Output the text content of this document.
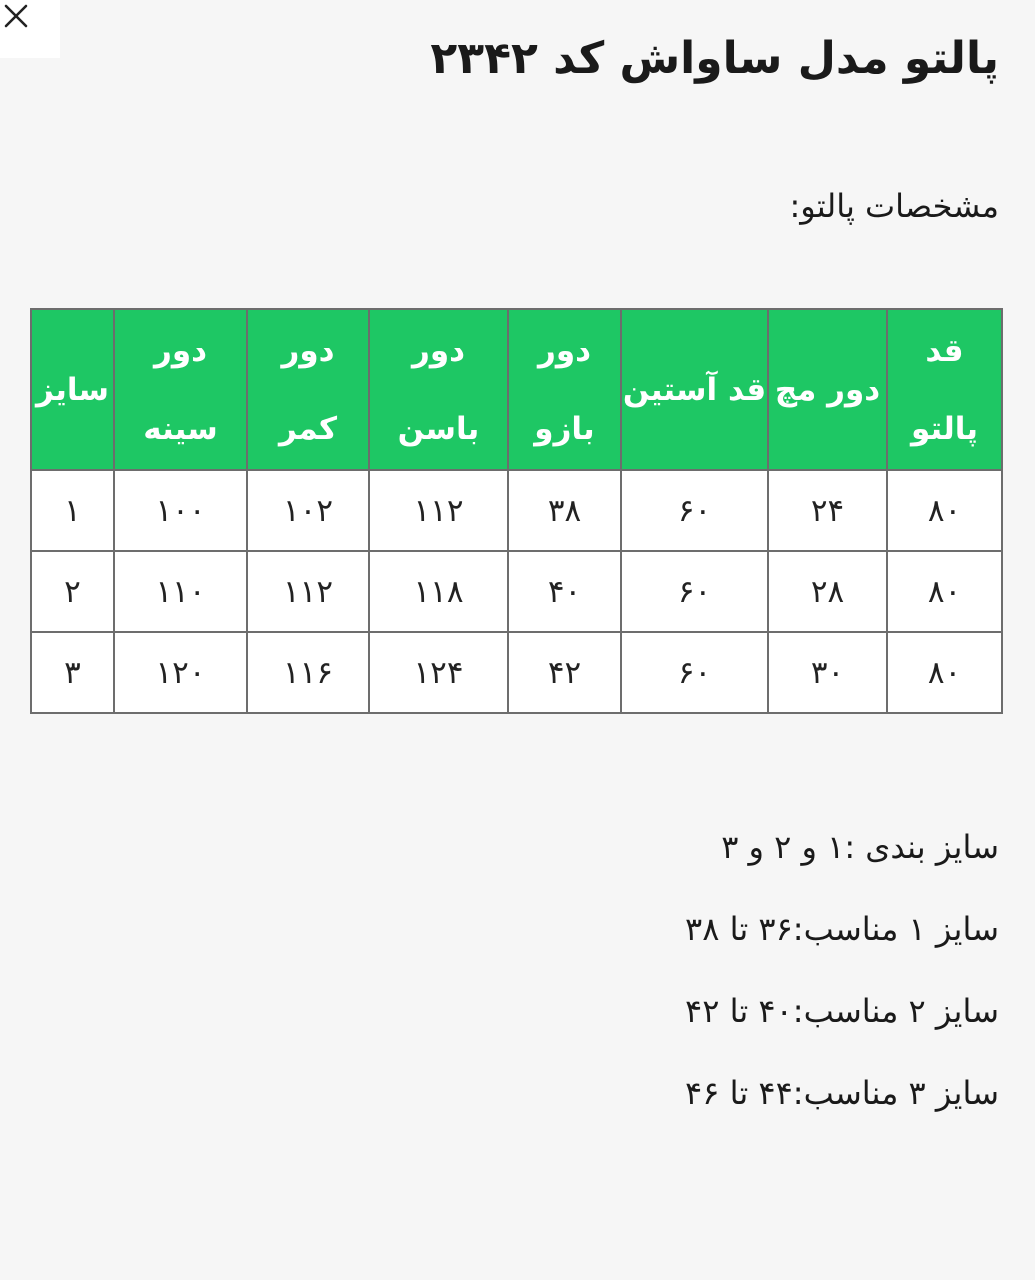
پالتو مدل ساواش کد ۲۳۴۲
مشخصات پالتو:
قد پالتو	دور مچ	قد آستین	دور بازو	دور باسن	دور کمر	دور سینه	سایز
۸۰	۲۴	۶۰	۳۸	۱۱۲	۱۰۲	۱۰۰	۱
۸۰	۲۸	۶۰	۴۰	۱۱۸	۱۱۲	۱۱۰	۲
۸۰	۳۰	۶۰	۴۲	۱۲۴	۱۱۶	۱۲۰	۳
سایز بندی :۱ و ۲ و ۳
سایز ۱ مناسب:۳۶ تا ۳۸
سایز ۲ مناسب:۴۰ تا ۴۲
سایز ۳ مناسب:۴۴ تا ۴۶
